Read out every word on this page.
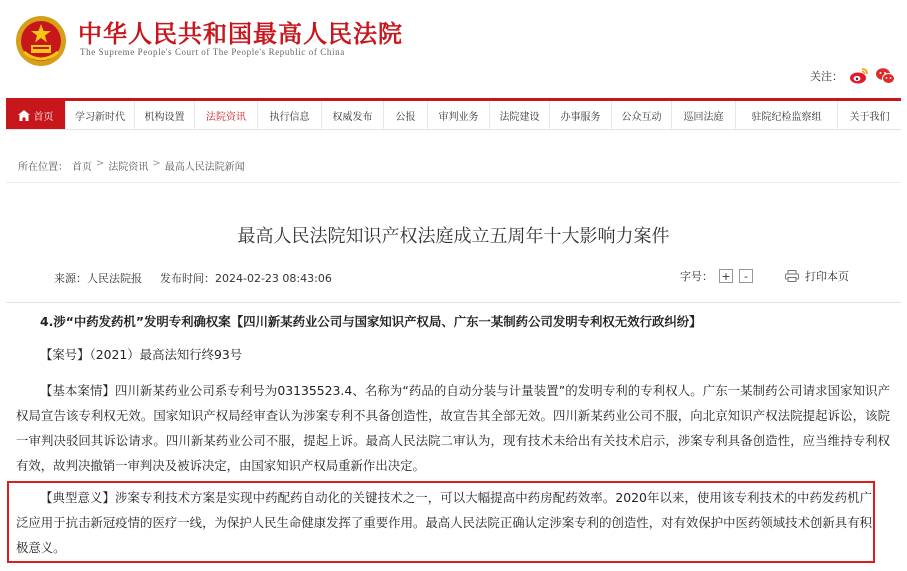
中华人民共和国最高人民法院
The Supreme People's Court of The People's Republic of China
关注：
首页	学习新时代	机构设置	法院资讯	执行信息	权威发布	公报	审判业务	法院建设	办事服务	公众互动	巡回法庭	驻院纪检监察组	关于我们
所在位置： 首页 > 法院资讯 > 最高人民法院新闻
最高人民法院知识产权法庭成立五周年十大影响力案件
来源：人民法院报 发布时间：2024-02-23 08:43:06	字号： +	-	打印本页
4.涉“中药发药机”发明专利确权案【四川新某药业公司与国家知识产权局、广东一某制药公司发明专利权无效行政纠纷】
【案号】（2021）最高法知行终93号
【基本案情】四川新某药业公司系专利号为03135523.4、名称为“药品的自动分装与计量装置”的发明专利的专利权人。广东一某制药公司请求国家知识产权局宣告该专利权无效。国家知识产权局经审查认为涉案专利不具备创造性，故宣告其全部无效。四川新某药业公司不服，向北京知识产权法院提起诉讼，该院一审判决驳回其诉讼请求。四川新某药业公司不服，提起上诉。最高人民法院二审认为，现有技术未给出有关技术启示，涉案专利具备创造性，应当维持专利权有效，故判决撤销一审判决及被诉决定，由国家知识产权局重新作出决定。
【典型意义】涉案专利技术方案是实现中药配药自动化的关键技术之一，可以大幅提高中药房配药效率。2020年以来，使用该专利技术的中药发药机广泛应用于抗击新冠疫情的医疗一线，为保护人民生命健康发挥了重要作用。最高人民法院正确认定涉案专利的创造性，对有效保护中医药领域技术创新具有积极意义。
